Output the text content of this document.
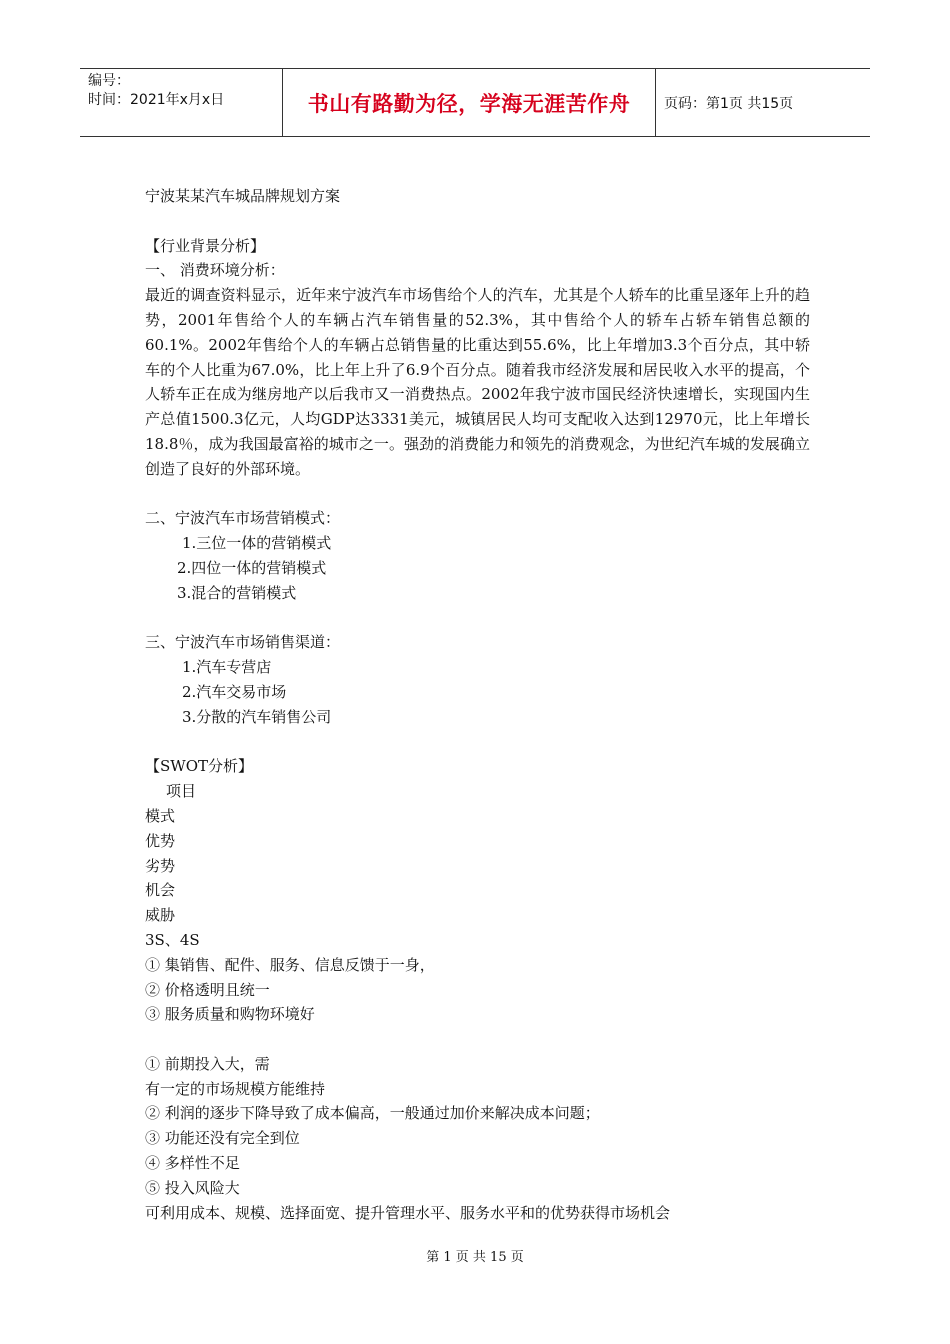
编号：
时间：2021年x月x日	书山有路勤为径，学海无涯苦作舟	页码：第1页 共15页
宁波某某汽车城品牌规划方案
【行业背景分析】
一、 消费环境分析：
最近的调查资料显示，近年来宁波汽车市场售给个人的汽车，尤其是个人轿车的比重呈逐年上升的趋势，2001年售给个人的车辆占汽车销售量的52.3%，其中售给个人的轿车占轿车销售总额的60.1%。2002年售给个人的车辆占总销售量的比重达到55.6%，比上年增加3.3个百分点，其中轿车的个人比重为67.0%，比上年上升了6.9个百分点。随着我市经济发展和居民收入水平的提高，个人轿车正在成为继房地产以后我市又一消费热点。2002年我宁波市国民经济快速增长，实现国内生产总值1500.3亿元，人均GDP达3331美元，城镇居民人均可支配收入达到12970元，比上年增长18.8％，成为我国最富裕的城市之一。强劲的消费能力和领先的消费观念，为世纪汽车城的发展确立创造了良好的外部环境。
二、宁波汽车市场营销模式：
1.三位一体的营销模式
2.四位一体的营销模式
3.混合的营销模式
三、宁波汽车市场销售渠道：
1.汽车专营店
2.汽车交易市场
3.分散的汽车销售公司
【SWOT分析】
项目
模式
优势
劣势
机会
威胁
3S、4S
① 集销售、配件、服务、信息反馈于一身，
② 价格透明且统一
③ 服务质量和购物环境好
① 前期投入大，需
有一定的市场规模方能维持
② 利润的逐步下降导致了成本偏高，一般通过加价来解决成本问题；
③ 功能还没有完全到位
④ 多样性不足
⑤ 投入风险大
可利用成本、规模、选择面宽、提升管理水平、服务水平和的优势获得市场机会
第 1 页 共 15 页
